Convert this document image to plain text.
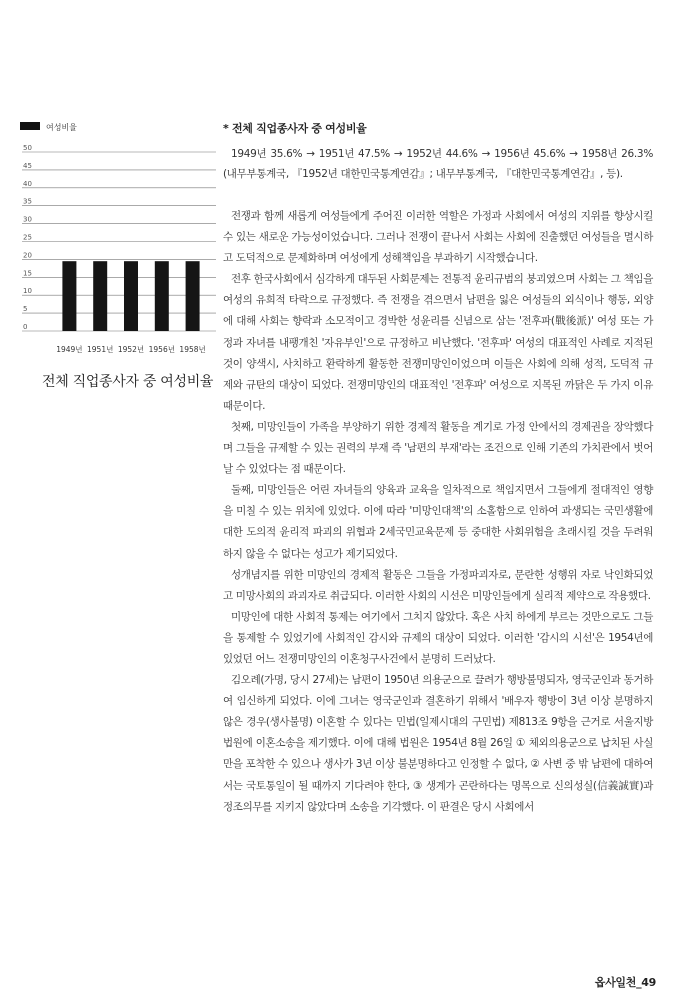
여성비율
0
5
10
15
20
25
30
35
40
45
50
1949년 1951년 1952년 1956년 1958년
전체 직업종사자 중 여성비율

* 전체 직업종사자 중 여성비율

1949년 35.6% → 1951년 47.5% → 1952년 44.6% → 1956년 45.6% → 1958년 26.3%(내무부통계국, 『1952년 대한민국통계연감』; 내무부통계국, 『대한민국통계연감』, 등).

전쟁과 함께 새롭게 여성들에게 주어진 이러한 역할은 가정과 사회에서 여성의 지위를 향상시킬 수 있는 새로운 가능성이었습니다. 그러나 전쟁이 끝나서 사회는 사회에 진출했던 여성들을 멸시하고 도덕적으로 문제화하며 여성에게 성해책임을 부과하기 시작했습니다.

전후 한국사회에서 심각하게 대두된 사회문제는 전통적 윤리규범의 붕괴였으며 사회는 그 책임을 여성의 유희적 타락으로 규정했다. 즉 전쟁을 겪으면서 남편을 잃은 여성들의 외식이나 행동, 외양에 대해 사회는 향락과 소모적이고 경박한 성윤리를 신념으로 삼는 '전후파(戰後派)' 여성 또는 가정과 자녀를 내팽개친 '자유부인'으로 규정하고 비난했다. '전후파' 여성의 대표적인 사례로 지적된 것이 양색시, 사치하고 환락하게 활동한 전쟁미망인이었으며 이들은 사회에 의해 성적, 도덕적 규제와 규탄의 대상이 되었다. 전쟁미망인의 대표적인 '전후파' 여성으로 지목된 까닭은 두 가지 이유 때문이다.

첫째, 미망인들이 가족을 부양하기 위한 경제적 활동을 계기로 가정 안에서의 경제권을 장악했다며 그들을 규제할 수 있는 권력의 부재 즉 '남편의 부재'라는 조건으로 인해 기존의 가치관에서 벗어날 수 있었다는 점 때문이다.

둘째, 미망인들은 어린 자녀들의 양육과 교육을 일차적으로 책임지면서 그들에게 절대적인 영향을 미칠 수 있는 위치에 있었다. 이에 따라 '미망인대책'의 소홀함으로 인하여 과생되는 국민생활에 대한 도의적 윤리적 파괴의 위협과 2세국민교육문제 등 중대한 사회위험을 초래시킬 것을 두려워하지 않을 수 없다는 성고가 제기되었다.

성개념지를 위한 미망인의 경제적 활동은 그들을 가정파괴자로, 문란한 성행위 자로 낙인화되었고 미망사회의 과괴자로 취급되다. 이러한 사회의 시선은 미망인들에게 실리적 제약으로 작용했다.

미망인에 대한 사회적 통제는 여기에서 그치지 않았다. 혹은 사치 하에게 부르는 것만으로도 그들을 통제할 수 있었기에 사회적인 감시와 규제의 대상이 되었다. 이러한 '감시의 시선'은 1954년에 있었던 어느 전쟁미망인의 이혼청구사건에서 분명히 드러났다.

김오례(가명, 당시 27세)는 남편이 1950년 의용군으로 끌려가 행방불명되자, 영국군인과 동거하여 임신하게 되었다. 이에 그녀는 영국군인과 결혼하기 위해서 '배우자 행방이 3년 이상 분명하지 않은 경우(생사불명) 이혼할 수 있다는 민법(일제시대의 구민법) 제813조 9항을 근거로 서울지방법원에 이혼소송을 제기했다. 이에 대해 법원은 1954년 8월 26일 ① 체외의용군으로 납치된 사실만을 포착한 수 있으나 생사가 3년 이상 불분명하다고 인정할 수 없다, ② 사변 중 밖 남편에 대하여서는 국토통일이 될 때까지 기다려야 한다, ③ 생계가 곤란하다는 명목으로 신의성실(信義誠實)과 정조의무를 지키지 않았다며 소송을 기각했다. 이 판결은 당시 사회에서

옵사일천_49
